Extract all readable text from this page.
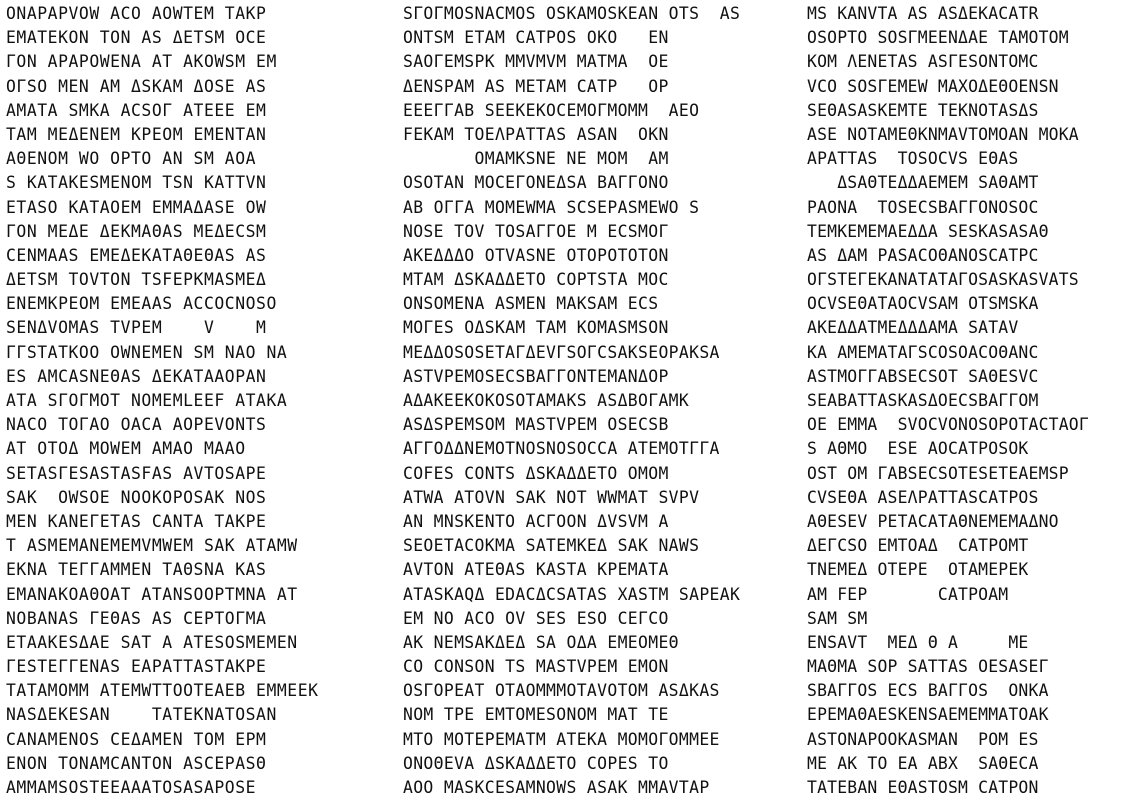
ONAPAPVOW ACO AOWTEM TAKP
EMATEKON TON AS ΔETSM OCE
ΓON APAPOWENA AT AKOWSM EM
OΓSO MEN AM ΔSKAM ΔOSE AS
AMATA SMKA ACSOΓ ATEEE EM
TAM MEΔENEM KPEOM EMENTAN
AΘENOM WO OPTO AN SM AOA
S KATAKESMENOM TSN KATTVN
ETASO KATAOEM EMMAΔASE OW
ΓON MEΔE ΔEKMAΘAS MEΔECSM
CENMAAS EMEΔEKATAΘEΘAS AS
ΔETSM TOVTON TSFEPKMASMEΔ
ENEMKPEOM EMEAAS ACCOCNOSO
SENΔVOMAS TVPEM    V    M
ΓΓSTATKOO OWNEMEN SM NAO NA
ES AMCASNEΘAS ΔEKATAΑOPAN
ATA SΓOΓMOT NOMEMLEEF ATAKA
NACO TOΓAO OACA AOPEVONTS
AT OTOΔ MOWEM AMAO MAAO
SETASΓESASTASFAS AVTOSAPE
SAK  OWSOE NOOKOPOSAK NOS
MEN KANEΓETAS CANTA TAKPE
T ASMEMANEMEMVMWEM SAK ATAMW
EKNA TEΓΓAMMEN TAΘSNA KAS
EMANAKOAΘOAT ATANSOOPTMNA AT
NOBANAS ΓEΘAS AS CEPTOΓMA
ETAAKESΔAE SAT A ATESOSMEMEN
ΓESTEΓΓENAS EAPATTASTAKPE
TATAMOMM ATEMWTTOOTEAEB EMMEEK
NASΔEKESAN    TATEKNATOSAN
CANAMENOS CEΔAMEN TOM EPM
ENON TONAMCANTON ASCEPASΘ
AMMAMSOSTEEAAATOSASAPOSE
SΓOΓMOSNACMOS OSKAMOSKEAN OTS  AS
ONTSM ETAM CATPOS OKO   EN
SAOΓEMSPK MMVMVM MATMA  OE
ΔENSPAM AS METAM CATP   OP
EEEΓΓAB SEEKEKOCEMOΓMOMM  AEO
FEKAM TOEΛPATTAS ASAN  OKN
OMAMKSNE NE MOM  AM
OSOTAN MOCEΓONEΔSA BAΓΓONO
AB OΓΓA MOMEWMA SCSEPASMEWO S
NOSE TOV TOSAΓΓOE M ECSMOΓ
AKEΔΔΔO OTVASNE OTOPOTOTON
MTAM ΔSKAΔΔETO COPTSTA MOC
ONSOMENA ASMEN MAKSAM ECS
MOΓES OΔSKAM TAM KOMASMSON
MEΔΔOSOSETAΓΔEVΓSOΓCSAKSEOPAKSA
ASTVPEMOSECSBAΓΓONTEMANΔOP
AΔAKEEKOKOSOTAMAKS ASΔBOΓAMK
ASΔSPEMSOM MASTVPEM OSECSB
AΓΓOΔΔNEMOTNOSNOSOCCA ATEMOTΓΓA
COFES CONTS ΔSKAΔΔETO OMOM
ATWA ATOVN SAK NOT WWMAT SVPV
AN MNSKENTO ACΓOON ΔVSVM A
SEOETACOKMA SATEMKEΔ SAK NAWS
AVTON ATEΘAS KASTA KPEMATA
ATASKAQΔ EDACΔCSATAS XASTM SAPEAK
EM NO ACO OV SES ESO CEΓCO
AK NEMSAKΔEΔ SA OΔA EMEOMEΘ
CO CONSON TS MASTVPEM EMON
OSΓOPEAT OTAOMMMOTAVOTOM ASΔKAS
NOM TPE EMTOMESONOM MAT TE
MTO MOTEPEMATM ATEKA MOMOΓOMMEE
ONOΘEVA ΔSKAΔΔETO COPES TO
AOO MASKCESAMNOWS ASAK MMAVTAP
MS KANVTA AS ASΔEKACATR
OSOPTO SOSΓMEENΔAE TAMOTOM
KOM ΛENETAS ASΓESONTOMC
VCO SOSΓEMEW MAXOΔEΘOENSN
SEΘASASKEMTE TEKNOTASΔS
ASE NOTAMEΘKNMAVTOMOAN MOKA
APATTAS  TOSOCVS EΘAS
ΔSAΘTEΔΔAEMEM SAΘAMT
PAONA  TOSECSBAΓΓONOSOC
TEMKEMEMAEΔΔA SESKASASAΘ
AS ΔAM PASACOΘANOSCATPC
OΓSTEΓEKANATATAΓOSASKASVATS
OCVSEΘATAOCVSAM OTSMSKA
AKEΔΔATMEΔΔΔAMA SATAV
KA AMEMATAΓSCOSOACOΘANC
ASTMOΓΓABSECSOT SAΘESVC
SEABATTASKASΔOECSBAΓΓOM
OE EMMA  SVOCVONOSOPOTACTAOΓ
S AΘMO  ESE AOCATPOSOK
OST OM ΓABSECSOTESETEAEMSP
CVSEΘA ASEΛPATTASCATPOS
AΘESEV PETACATAΘNEMEMAΔNO
ΔEΓCSO EMTOAΔ  CATPOMT
TNEMEΔ OTEPE  OTAMEPEK
AM FEP       CATPOAM
SAM SM
ENSAVT  MEΔ Θ A     ME
MAΘMA SOP SATTAS OESASEΓ
SBAΓΓOS ECS BAΓΓOS  ONKA
EPEMAΘAESKENSAEMEMMATOAK
ASTONAPOOKASMAN  POM ES
ME AK TO EA ABX  SAΘECA
TATEBAN EΘASTOSM CATPON
